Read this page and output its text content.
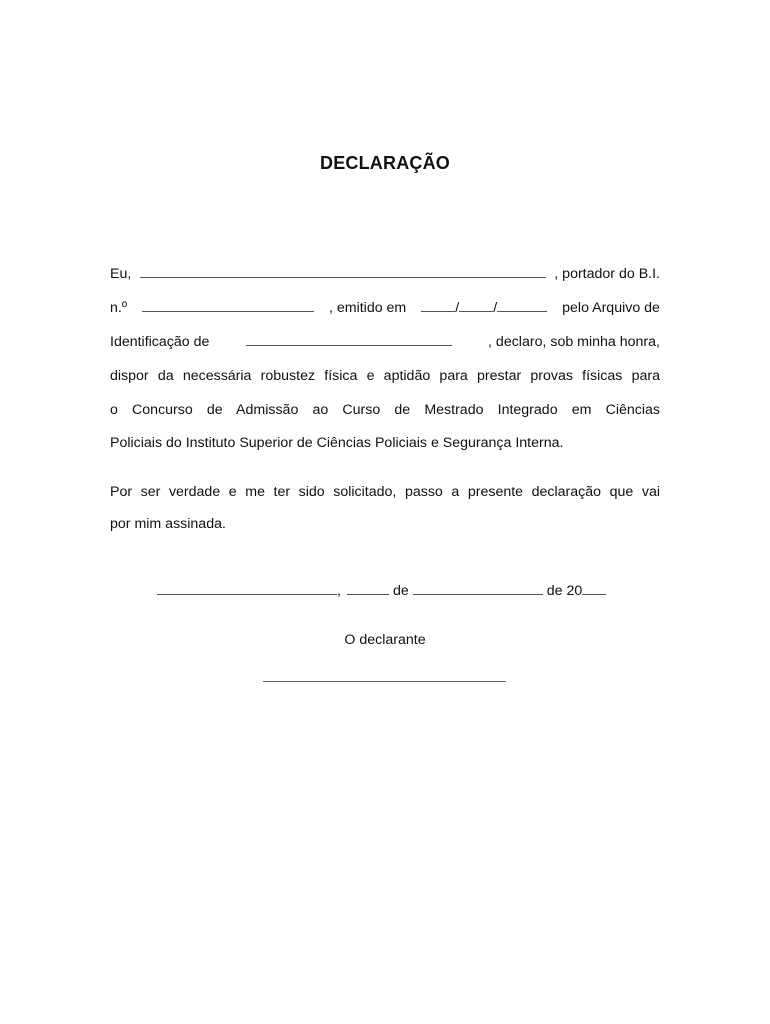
DECLARAÇÃO
Eu,	, portador do B.I.
n.º	, emitido em	/ /	pelo Arquivo de
Identificação de	, declaro, sob minha honra,
dispor da necessária robustez física e aptidão para prestar provas físicas para
o Concurso de Admissão ao Curso de Mestrado Integrado em Ciências
Policiais do Instituto Superior de Ciências Policiais e Segurança Interna.
Por ser verdade e me ter sido solicitado, passo a presente declaração que vai
por mim assinada.
,	de	de 20
O declarante
